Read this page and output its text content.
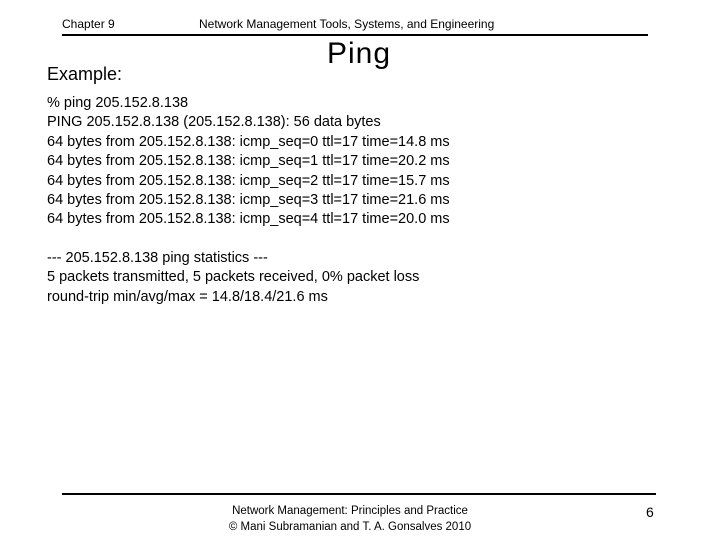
Chapter 9	Network Management Tools, Systems, and Engineering
Ping
Example:
% ping 205.152.8.138
PING 205.152.8.138 (205.152.8.138): 56 data bytes
64 bytes from 205.152.8.138: icmp_seq=0 ttl=17 time=14.8 ms
64 bytes from 205.152.8.138: icmp_seq=1 ttl=17 time=20.2 ms
64 bytes from 205.152.8.138: icmp_seq=2 ttl=17 time=15.7 ms
64 bytes from 205.152.8.138: icmp_seq=3 ttl=17 time=21.6 ms
64 bytes from 205.152.8.138: icmp_seq=4 ttl=17 time=20.0 ms
--- 205.152.8.138 ping statistics ---
5 packets transmitted, 5 packets received, 0% packet loss
round-trip min/avg/max = 14.8/18.4/21.6 ms
Network Management: Principles and Practice
© Mani Subramanian and T. A. Gonsalves 2010
6
